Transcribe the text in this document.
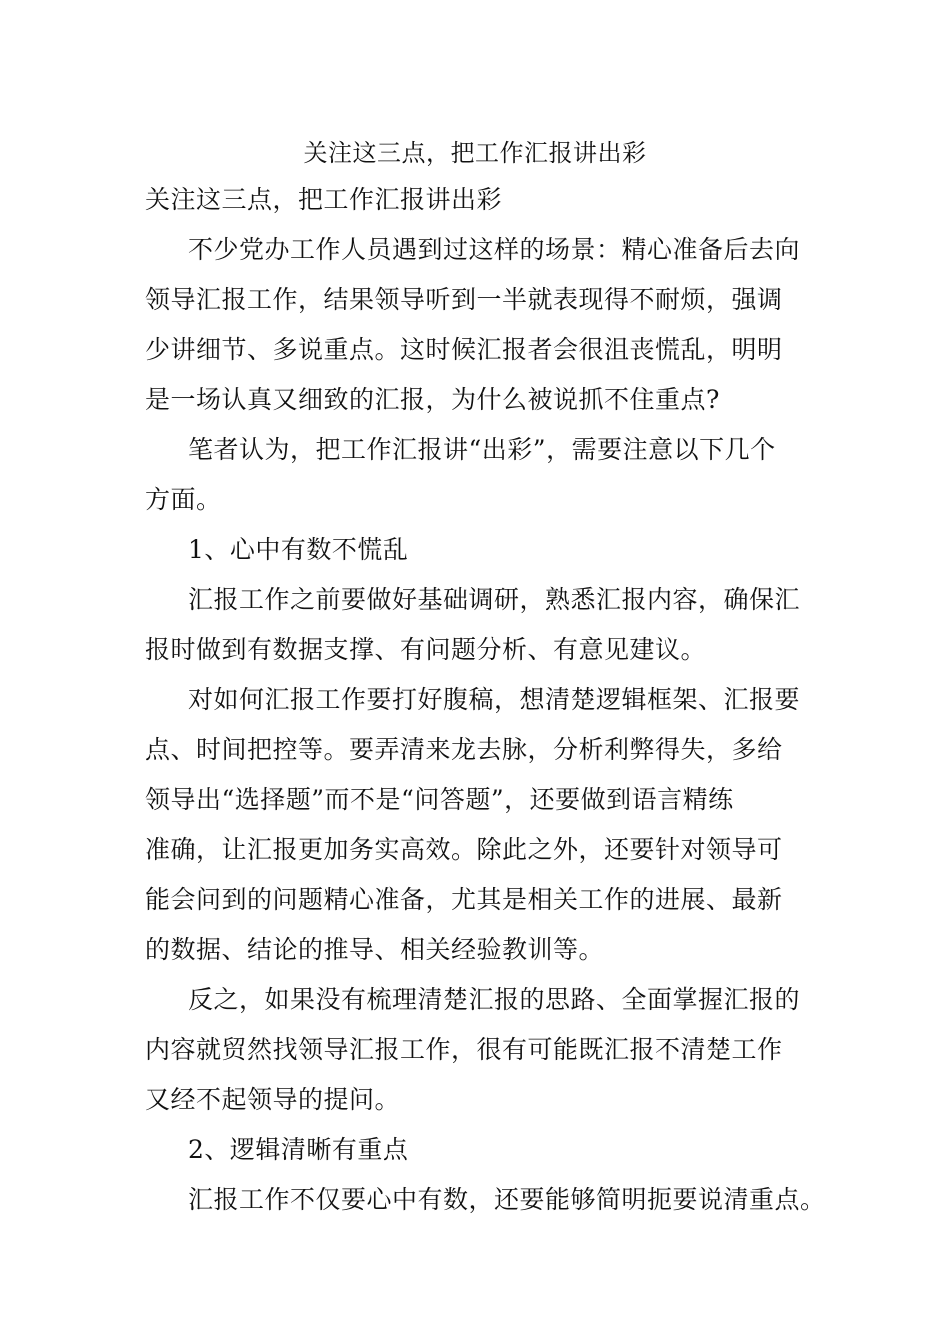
关注这三点，把工作汇报讲出彩
关注这三点，把工作汇报讲出彩
不少党办工作人员遇到过这样的场景：精心准备后去向
领导汇报工作，结果领导听到一半就表现得不耐烦，强调
少讲细节、多说重点。这时候汇报者会很沮丧慌乱，明明
是一场认真又细致的汇报，为什么被说抓不住重点?
笔者认为，把工作汇报讲“出彩”，需要注意以下几个
方面。
1、心中有数不慌乱
汇报工作之前要做好基础调研，熟悉汇报内容，确保汇
报时做到有数据支撑、有问题分析、有意见建议。
对如何汇报工作要打好腹稿，想清楚逻辑框架、汇报要
点、时间把控等。要弄清来龙去脉，分析利弊得失，多给
领导出“选择题”而不是“问答题”，还要做到语言精练
准确，让汇报更加务实高效。除此之外，还要针对领导可
能会问到的问题精心准备，尤其是相关工作的进展、最新
的数据、结论的推导、相关经验教训等。
反之，如果没有梳理清楚汇报的思路、全面掌握汇报的
内容就贸然找领导汇报工作，很有可能既汇报不清楚工作
又经不起领导的提问。
2、逻辑清晰有重点
汇报工作不仅要心中有数，还要能够简明扼要说清重点。
